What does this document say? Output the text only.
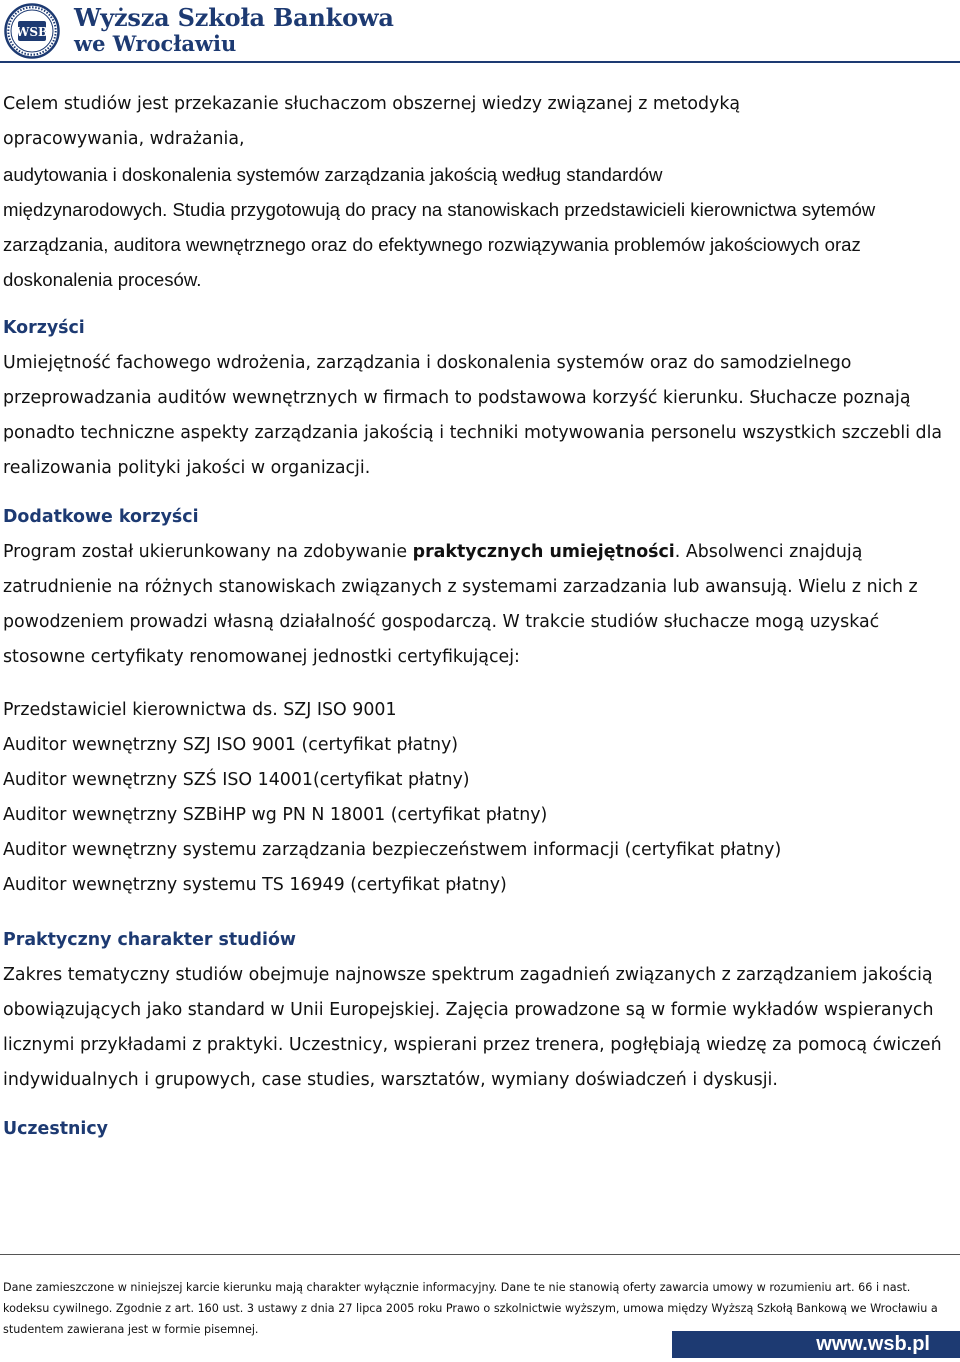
WSB Wyższa Szkoła Bankowa
we Wrocławiu

Celem studiów jest przekazanie słuchaczom obszernej wiedzy związanej z metodyką

opracowywania, wdrażania,

audytowania i doskonalenia systemów zarządzania jakością według standardów

międzynarodowych. Studia przygotowują do pracy na stanowiskach przedstawicieli kierownictwa sytemów zarządzania, auditora wewnętrznego oraz do efektywnego rozwiązywania problemów jakościowych oraz doskonalenia procesów.

Korzyści

Umiejętność fachowego wdrożenia, zarządzania i doskonalenia systemów oraz do samodzielnego przeprowadzania auditów wewnętrznych w firmach to podstawowa korzyść kierunku. Słuchacze poznają ponadto techniczne aspekty zarządzania jakością i techniki motywowania personelu wszystkich szczebli dla realizowania polityki jakości w organizacji.

Dodatkowe korzyści

Program został ukierunkowany na zdobywanie praktycznych umiejętności. Absolwenci znajdują zatrudnienie na różnych stanowiskach związanych z systemami zarzadzania lub awansują. Wielu z nich z powodzeniem prowadzi własną działalność gospodarczą. W trakcie studiów słuchacze mogą uzyskać stosowne certyfikaty renomowanej jednostki certyfikującej:

Przedstawiciel kierownictwa ds. SZJ ISO 9001

Auditor wewnętrzny SZJ ISO 9001 (certyfikat płatny)

Auditor wewnętrzny SZŚ ISO 14001(certyfikat płatny)

Auditor wewnętrzny SZBiHP wg PN N 18001 (certyfikat płatny)

Auditor wewnętrzny systemu zarządzania bezpieczeństwem informacji (certyfikat płatny)

Auditor wewnętrzny systemu TS 16949 (certyfikat płatny)

Praktyczny charakter studiów

Zakres tematyczny studiów obejmuje najnowsze spektrum zagadnień związanych z zarządzaniem jakością obowiązujących jako standard w Unii Europejskiej. Zajęcia prowadzone są w formie wykładów wspieranych licznymi przykładami z praktyki. Uczestnicy, wspierani przez trenera, pogłębiają wiedzę za pomocą ćwiczeń indywidualnych i grupowych, case studies, warsztatów, wymiany doświadczeń i dyskusji.

Uczestnicy

Dane zamieszczone w niniejszej karcie kierunku mają charakter wyłącznie informacyjny. Dane te nie stanowią oferty zawarcia umowy w rozumieniu art. 66 i nast. kodeksu cywilnego. Zgodnie z art. 160 ust. 3 ustawy z dnia 27 lipca 2005 roku Prawo o szkolnictwie wyższym, umowa między Wyższą Szkołą Bankową we Wrocławiu a studentem zawierana jest w formie pisemnej.

www.wsb.pl
